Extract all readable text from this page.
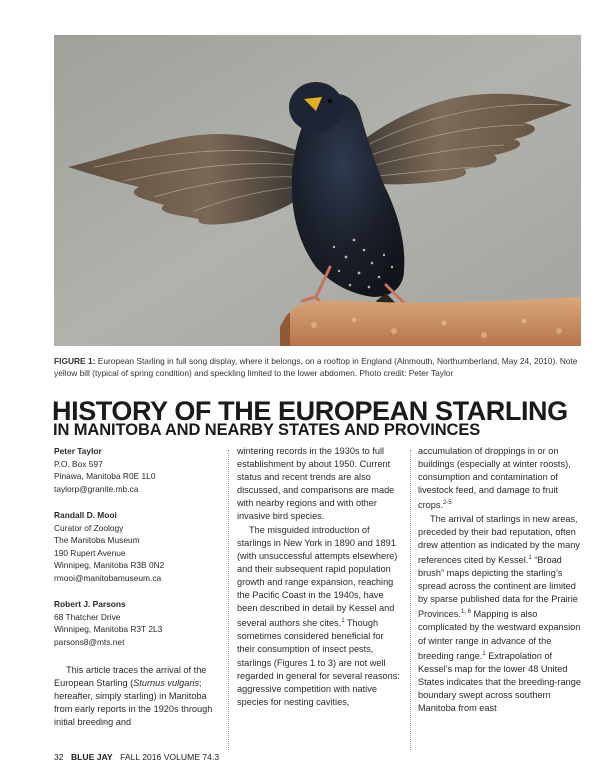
FIGURE 1: European Starling in full song display, where it belongs, on a rooftop in England (Alnmouth, Northumberland, May 24, 2010). Note yellow bill (typical of spring condition) and speckling limited to the lower abdomen. Photo credit: Peter Taylor
HISTORY OF THE EUROPEAN STARLING
IN MANITOBA AND NEARBY STATES AND PROVINCES
Peter Taylor
P.O. Box 597
Pinawa, Manitoba R0E 1L0
taylorp@granite.mb.ca
Randall D. Mooi
Curator of Zoology
The Manitoba Museum
190 Rupert Avenue
Winnipeg, Manitoba R3B 0N2
rmooi@manitobamuseum.ca
Robert J. Parsons
68 Thatcher Drive
Winnipeg, Manitoba R3T 2L3
parsons8@mts.net

This article traces the arrival of the European Starling (Sturnus vulgaris; hereafter, simply starling) in Manitoba from early reports in the 1920s through initial breeding and

wintering records in the 1930s to full establishment by about 1950. Current status and recent trends are also discussed, and comparisons are made with nearby regions and with other invasive bird species.

The misguided introduction of starlings in New York in 1890 and 1891 (with unsuccessful attempts elsewhere) and their subsequent rapid population growth and range expansion, reaching the Pacific Coast in the 1940s, have been described in detail by Kessel and several authors she cites.$^1$ Though sometimes considered beneficial for their consumption of insect pests, starlings (Figures 1 to 3) are not well regarded in general for several reasons: aggressive competition with native species for nesting cavities,

accumulation of droppings in or on buildings (especially at winter roosts), consumption and contamination of livestock feed, and damage to fruit crops.$^{2-5}$

The arrival of starlings in new areas, preceded by their bad reputation, often drew attention as indicated by the many references cited by Kessel.$^1$ “Broad brush” maps depicting the starling’s spread across the continent are limited by sparse published data for the Prairie Provinces.$^{1, 6}$ Mapping is also complicated by the westward expansion of winter range in advance of the breeding range.$^1$ Extrapolation of Kessel’s map for the lower 48 United States indicates that the breeding-range boundary swept across southern Manitoba from east

32 BLUE JAY FALL 2016 VOLUME 74.3
